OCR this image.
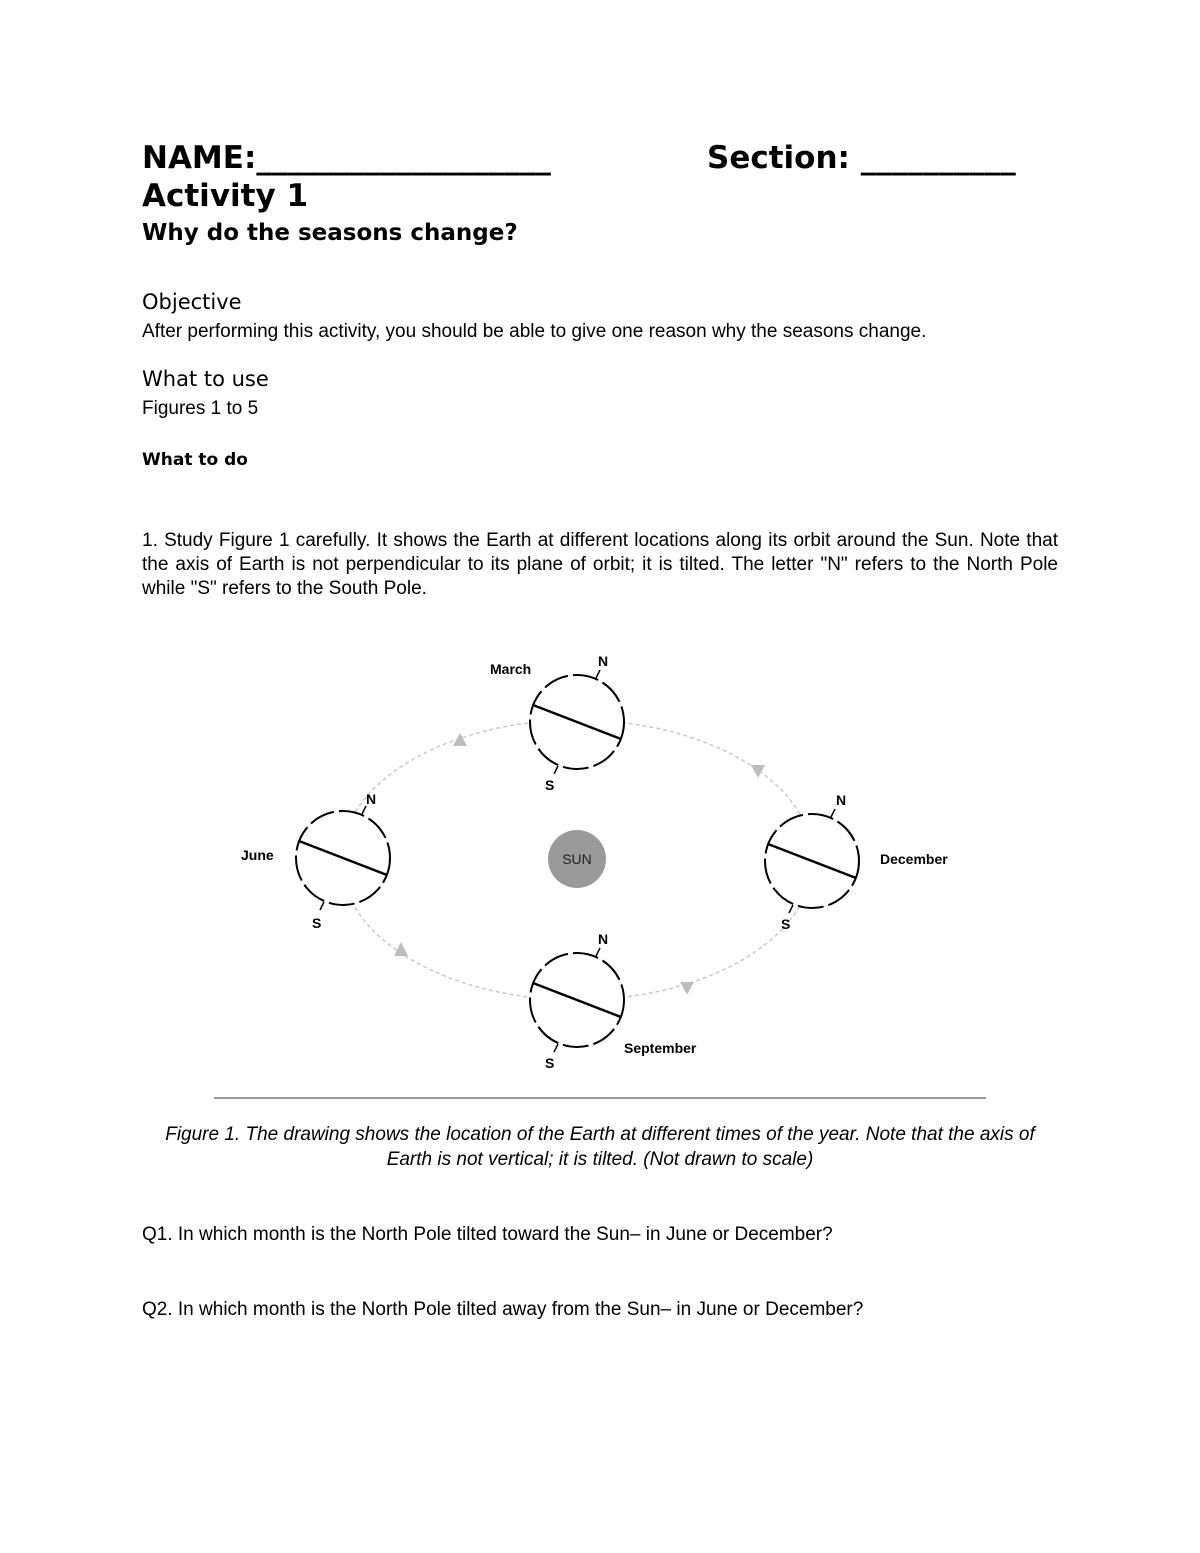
NAME:___________________	Section: __________
Activity 1
Why do the seasons change?
Objective
After performing this activity, you should be able to give one reason why the seasons change.
What to use
Figures 1 to 5
What to do
1. Study Figure 1 carefully. It shows the Earth at different locations along its orbit around the Sun. Note that the axis of Earth is not perpendicular to its plane of orbit; it is tilted. The letter "N" refers to the North Pole while "S" refers to the South Pole.
SUN
N
S
March
N
S
June
N
S
December
N
S
September
Figure 1. The drawing shows the location of the Earth at different times of the year. Note that the axis of Earth is not vertical; it is tilted. (Not drawn to scale)
Q1. In which month is the North Pole tilted toward the Sun– in June or December?
Q2. In which month is the North Pole tilted away from the Sun– in June or December?
